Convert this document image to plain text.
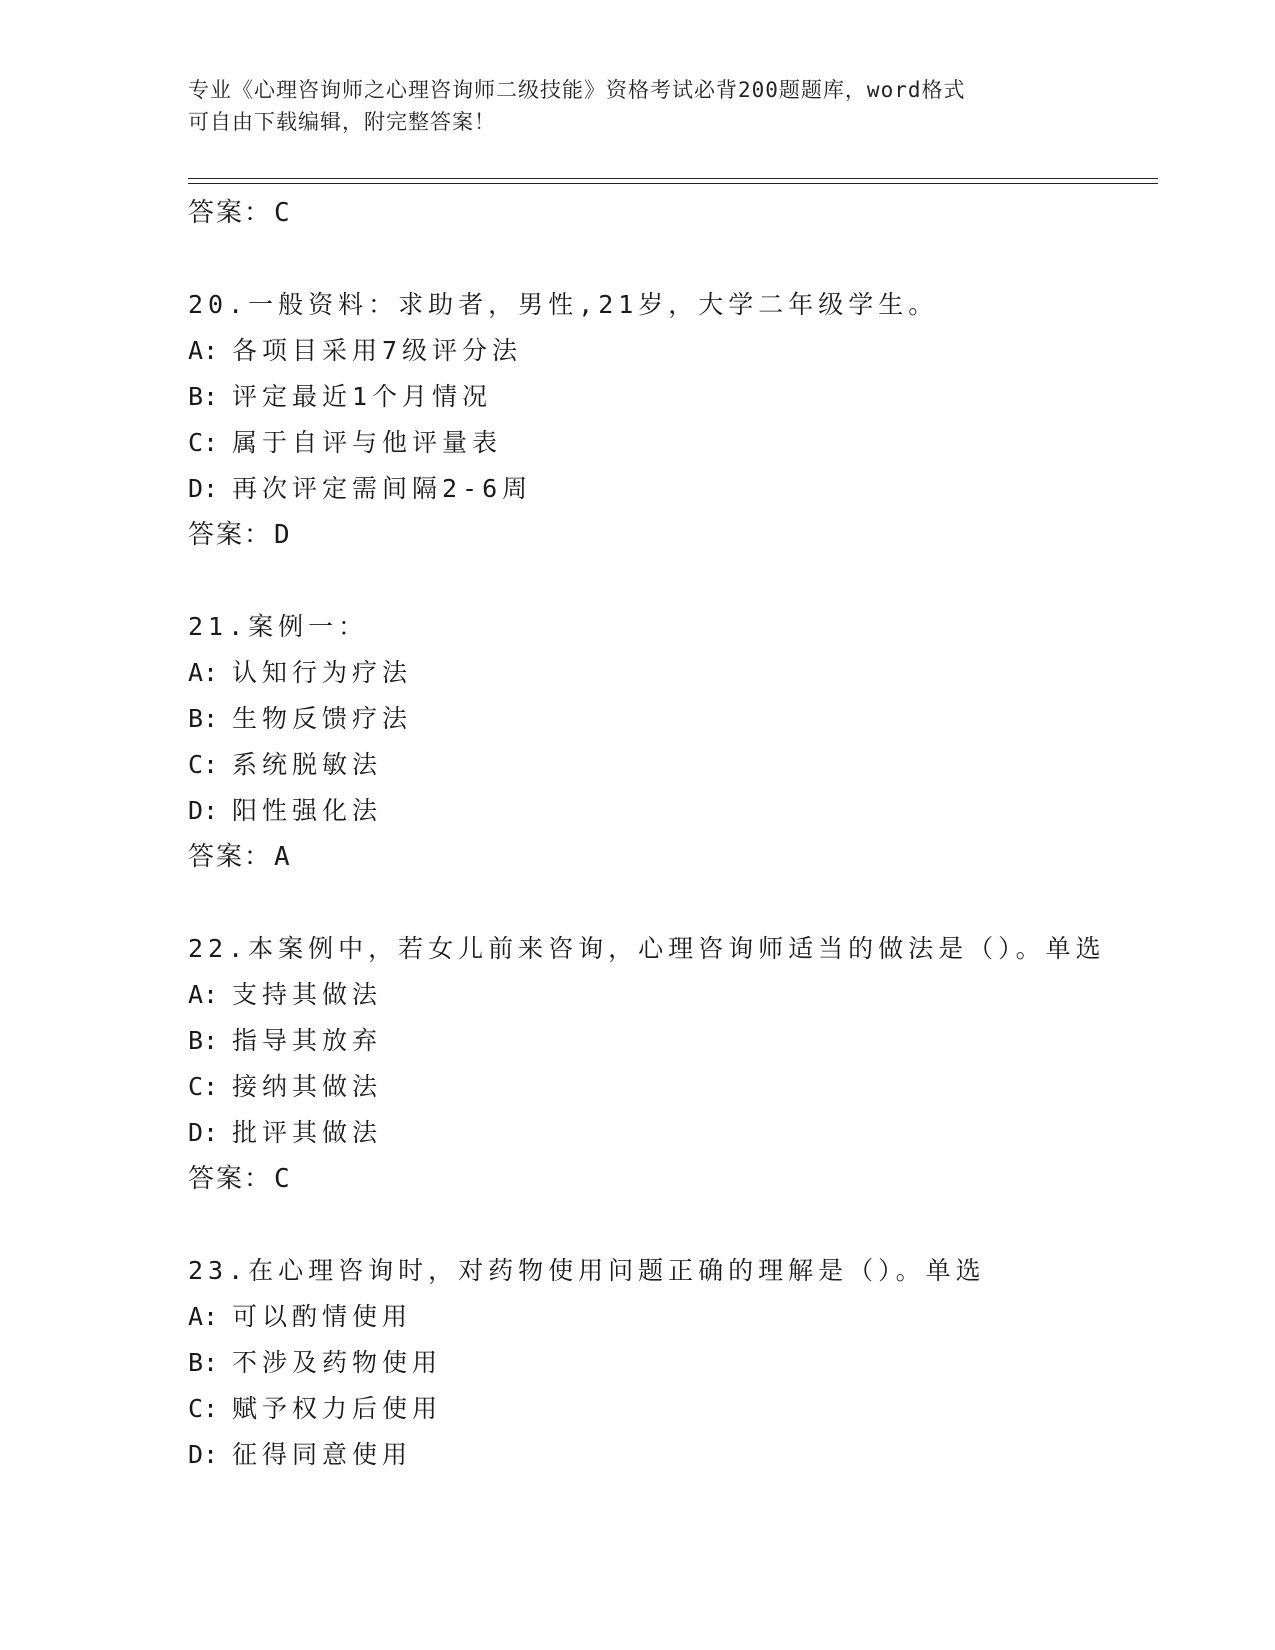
专业《心理咨询师之心理咨询师二级技能》资格考试必背200题题库，word格式
可自由下载编辑，附完整答案！
答案：C
20.一般资料：求助者，男性,21岁，大学二年级学生。
A: 各项目采用7级评分法
B: 评定最近1个月情况
C: 属于自评与他评量表
D: 再次评定需间隔2-6周
答案：D
21.案例一：
A: 认知行为疗法
B: 生物反馈疗法
C: 系统脱敏法
D: 阳性强化法
答案：A
22.本案例中，若女儿前来咨询，心理咨询师适当的做法是（）。单选
A: 支持其做法
B: 指导其放弃
C: 接纳其做法
D: 批评其做法
答案：C
23.在心理咨询时，对药物使用问题正确的理解是（）。单选
A: 可以酌情使用
B: 不涉及药物使用
C: 赋予权力后使用
D: 征得同意使用
